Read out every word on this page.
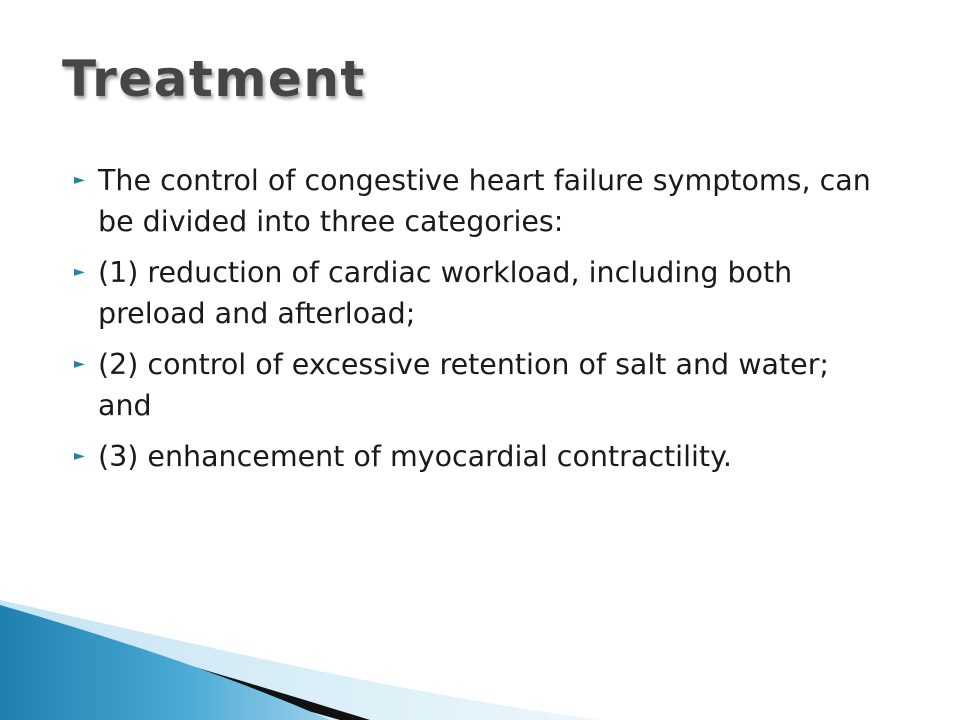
Treatment
► The control of congestive heart failure symptoms, can be divided into three categories:
► (1) reduction of cardiac workload, including both preload and afterload;
► (2) control of excessive retention of salt and water; and
► (3) enhancement of myocardial contractility.
